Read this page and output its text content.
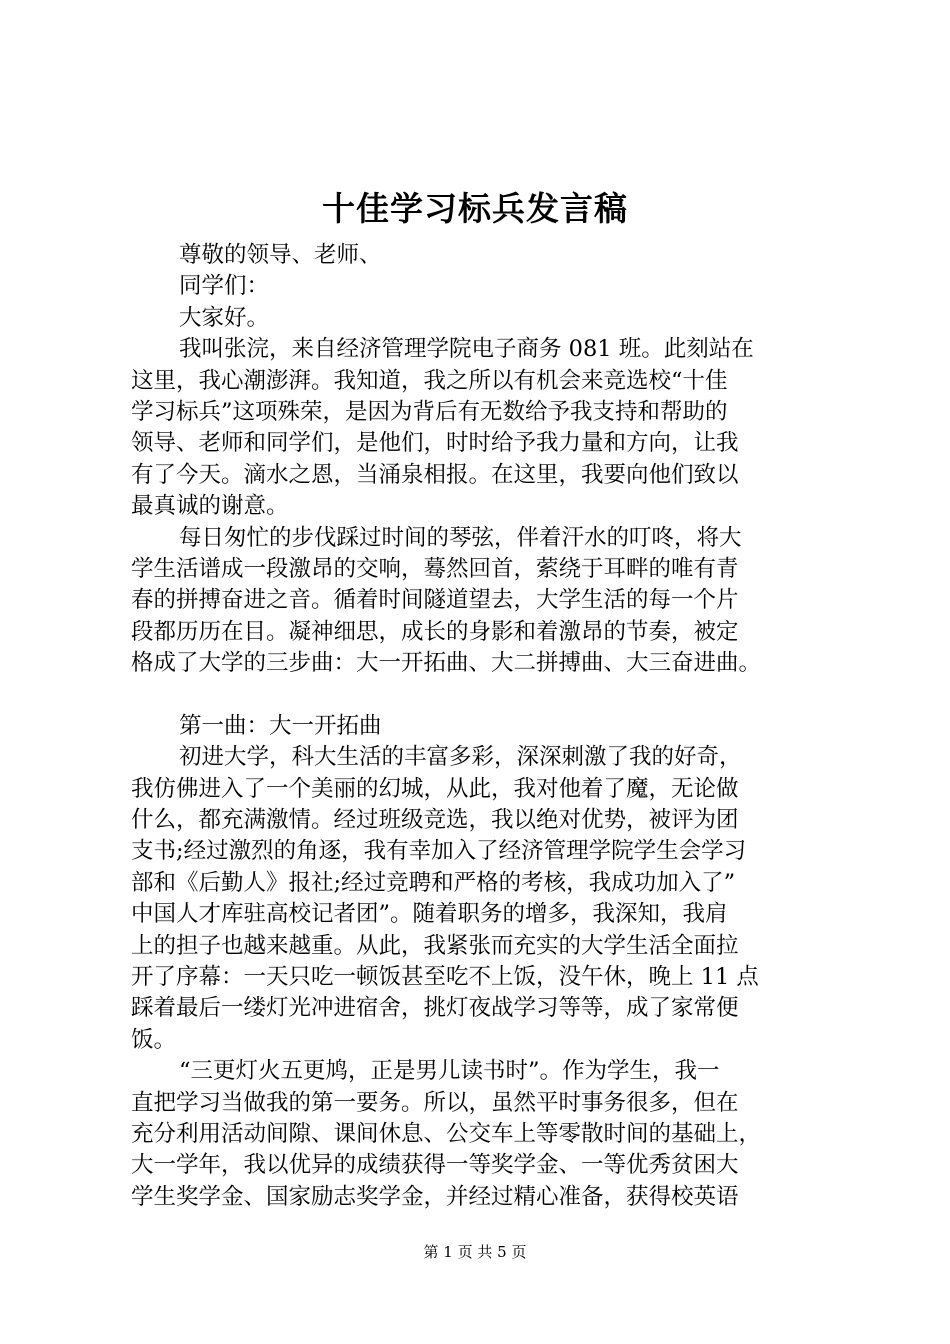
十佳学习标兵发言稿
尊敬的领导、老师、
同学们：
大家好。
我叫张浣，来自经济管理学院电子商务 081 班。此刻站在
这里，我心潮澎湃。我知道，我之所以有机会来竞选校“十佳
学习标兵”这项殊荣，是因为背后有无数给予我支持和帮助的
领导、老师和同学们，是他们，时时给予我力量和方向，让我
有了今天。滴水之恩，当涌泉相报。在这里，我要向他们致以
最真诚的谢意。
每日匆忙的步伐踩过时间的琴弦，伴着汗水的叮咚，将大
学生活谱成一段激昂的交响，蓦然回首，萦绕于耳畔的唯有青
春的拼搏奋进之音。循着时间隧道望去，大学生活的每一个片
段都历历在目。凝神细思，成长的身影和着激昂的节奏，被定
格成了大学的三步曲：大一开拓曲、大二拼搏曲、大三奋进曲。
第一曲：大一开拓曲
初进大学，科大生活的丰富多彩，深深刺激了我的好奇，
我仿佛进入了一个美丽的幻城，从此，我对他着了魔，无论做
什么，都充满激情。经过班级竞选，我以绝对优势，被评为团
支书;经过激烈的角逐，我有幸加入了经济管理学院学生会学习
部和《后勤人》报社;经过竞聘和严格的考核，我成功加入了”
中国人才库驻高校记者团”。随着职务的增多，我深知，我肩
上的担子也越来越重。从此，我紧张而充实的大学生活全面拉
开了序幕：一天只吃一顿饭甚至吃不上饭，没午休，晚上 11 点
踩着最后一缕灯光冲进宿舍，挑灯夜战学习等等，成了家常便
饭。
“三更灯火五更鸠，正是男儿读书时”。作为学生，我一
直把学习当做我的第一要务。所以，虽然平时事务很多，但在
充分利用活动间隙、课间休息、公交车上等零散时间的基础上，
大一学年，我以优异的成绩获得一等奖学金、一等优秀贫困大
学生奖学金、国家励志奖学金，并经过精心准备，获得校英语
第 1 页 共 5 页
